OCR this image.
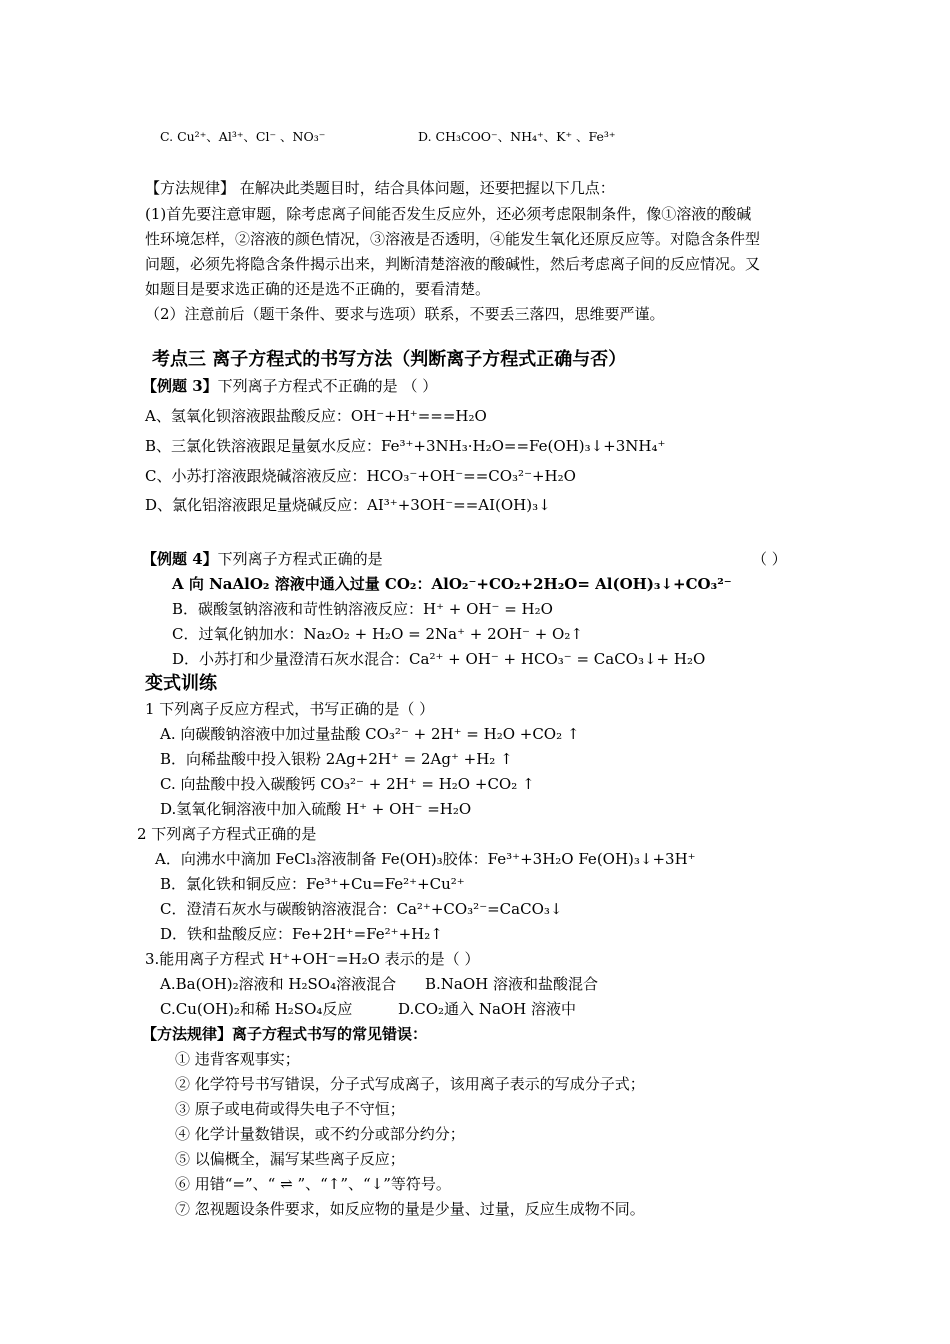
C. Cu²⁺、Al³⁺、Cl⁻ 、NO₃⁻	D. CH₃COO⁻、NH₄⁺、K⁺ 、Fe³⁺
【方法规律】 在解决此类题目时，结合具体问题，还要把握以下几点：
(1)首先要注意审题，除考虑离子间能否发生反应外，还必须考虑限制条件，像①溶液的酸碱
性环境怎样，②溶液的颜色情况，③溶液是否透明，④能发生氧化还原反应等。对隐含条件型
问题，必须先将隐含条件揭示出来，判断清楚溶液的酸碱性，然后考虑离子间的反应情况。又
如题目是要求选正确的还是选不正确的，要看清楚。
（2）注意前后（题干条件、要求与选项）联系，不要丢三落四，思维要严谨。
考点三 离子方程式的书写方法（判断离子方程式正确与否）
【例题 3】下列离子方程式不正确的是 （ ）
A、氢氧化钡溶液跟盐酸反应：OH⁻+H⁺===H₂O
B、三氯化铁溶液跟足量氨水反应：Fe³⁺+3NH₃·H₂O==Fe(OH)₃↓+3NH₄⁺
C、小苏打溶液跟烧碱溶液反应：HCO₃⁻+OH⁻==CO₃²⁻+H₂O
D、氯化铝溶液跟足量烧碱反应：AI³⁺+3OH⁻==AI(OH)₃↓
【例题 4】下列离子方程式正确的是	（ ）
A 向 NaAlO₂ 溶液中通入过量 CO₂：AlO₂⁻+CO₂+2H₂O= Al(OH)₃↓+CO₃²⁻
B．碳酸氢钠溶液和苛性钠溶液反应：H⁺ + OH⁻ = H₂O
C．过氧化钠加水：Na₂O₂ + H₂O = 2Na⁺ + 2OH⁻ + O₂↑
D．小苏打和少量澄清石灰水混合：Ca²⁺ + OH⁻ + HCO₃⁻ = CaCO₃↓+ H₂O
变式训练
1 下列离子反应方程式，书写正确的是（ ）
A. 向碳酸钠溶液中加过量盐酸 CO₃²⁻ + 2H⁺ = H₂O +CO₂ ↑
B．向稀盐酸中投入银粉 2Ag+2H⁺ = 2Ag⁺ +H₂ ↑
C. 向盐酸中投入碳酸钙 CO₃²⁻ + 2H⁺ = H₂O +CO₂ ↑
D.氢氧化铜溶液中加入硫酸 H⁺ + OH⁻ =H₂O
2 下列离子方程式正确的是
A．向沸水中滴加 FeCl₃溶液制备 Fe(OH)₃胶体：Fe³⁺+3H₂O Fe(OH)₃↓+3H⁺
B．氯化铁和铜反应：Fe³⁺+Cu=Fe²⁺+Cu²⁺
C．澄清石灰水与碳酸钠溶液混合：Ca²⁺+CO₃²⁻=CaCO₃↓
D．铁和盐酸反应：Fe+2H⁺=Fe²⁺+H₂↑
3.能用离子方程式 H⁺+OH⁻=H₂O 表示的是（ ）
A.Ba(OH)₂溶液和 H₂SO₄溶液混合 B.NaOH 溶液和盐酸混合
C.Cu(OH)₂和稀 H₂SO₄反应	D.CO₂通入 NaOH 溶液中
【方法规律】离子方程式书写的常见错误：
① 违背客观事实；
② 化学符号书写错误，分子式写成离子，该用离子表示的写成分子式；
③ 原子或电荷或得失电子不守恒；
④ 化学计量数错误，或不约分或部分约分；
⑤ 以偏概全，漏写某些离子反应；
⑥ 用错“=”、“ ⇌ ”、“↑”、“↓”等符号。
⑦ 忽视题设条件要求，如反应物的量是少量、过量，反应生成物不同。
